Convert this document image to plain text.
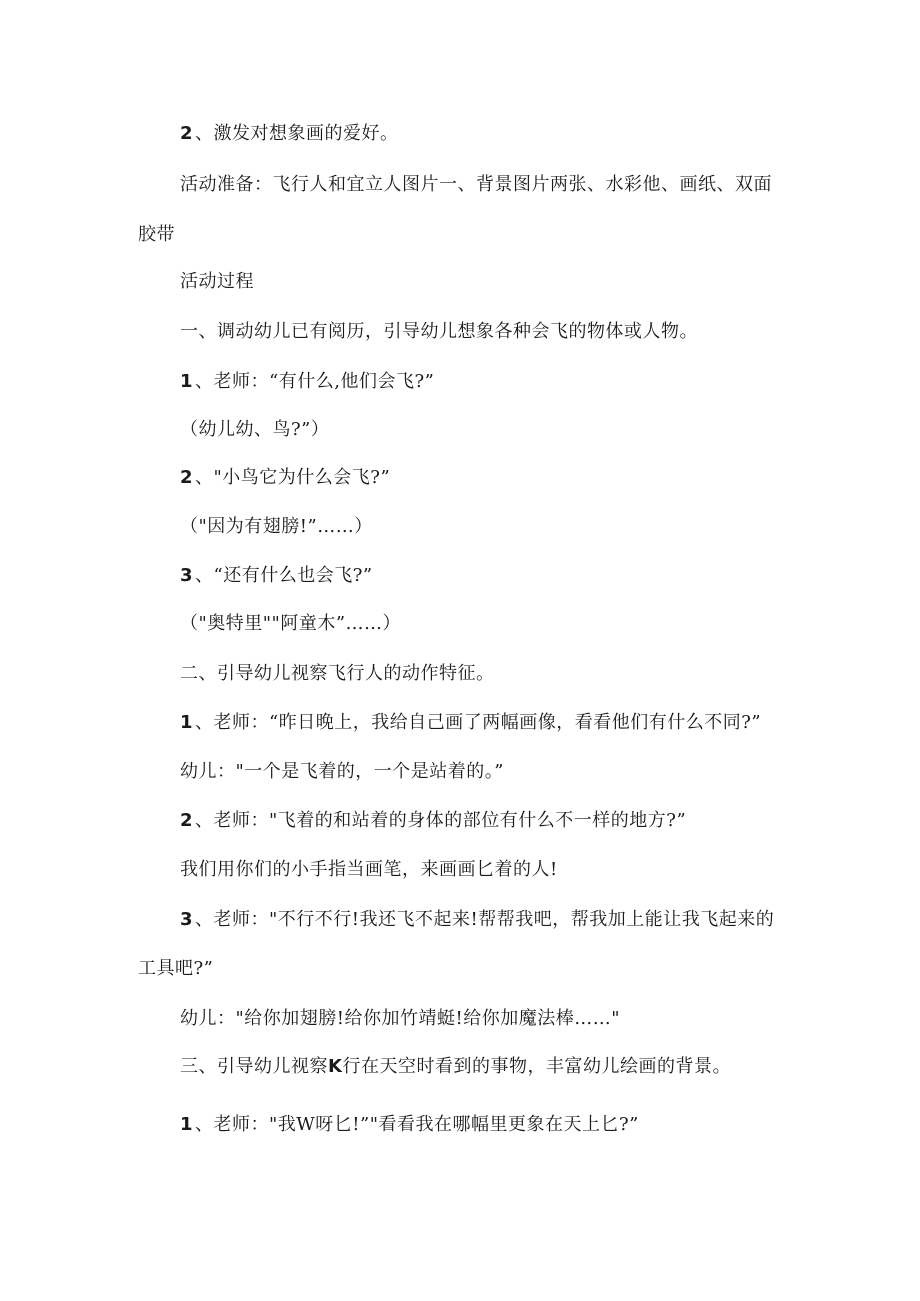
2 、激发对想象画的爱好。
活动准备：飞行人和宜立人图片一、背景图片两张、水彩他、画纸、双面
胶带
活动过程
一、调动幼儿已有阅历，引导幼儿想象各种会飞的物体或人物。
1 、老师：“有什么,他们会飞?”
（幼儿幼、鸟?”）
2 、"小鸟它为什么会飞?”
（"因为有翅膀!”……）
3 、“还有什么也会飞?”
（"奥特里""阿童木”……）
二、引导幼儿视察飞行人的动作特征。
1 、老师：“昨日晚上，我给自己画了两幅画像，看看他们有什么不同?”
幼儿："一个是飞着的，一个是站着的。”
2 、老师："飞着的和站着的身体的部位有什么不一样的地方?”
我们用你们的小手指当画笔，来画画匕着的人!
3 、老师："不行不行!我还飞不起来!帮帮我吧，帮我加上能让我飞起来的
工具吧?”
幼儿："给你加翅膀!给你加竹靖蜓!给你加魔法棒……"
三、引导幼儿视察K行在天空时看到的事物，丰富幼儿绘画的背景。
1 、老师："我W呀匕!”"看看我在哪幅里更象在天上匕?”
